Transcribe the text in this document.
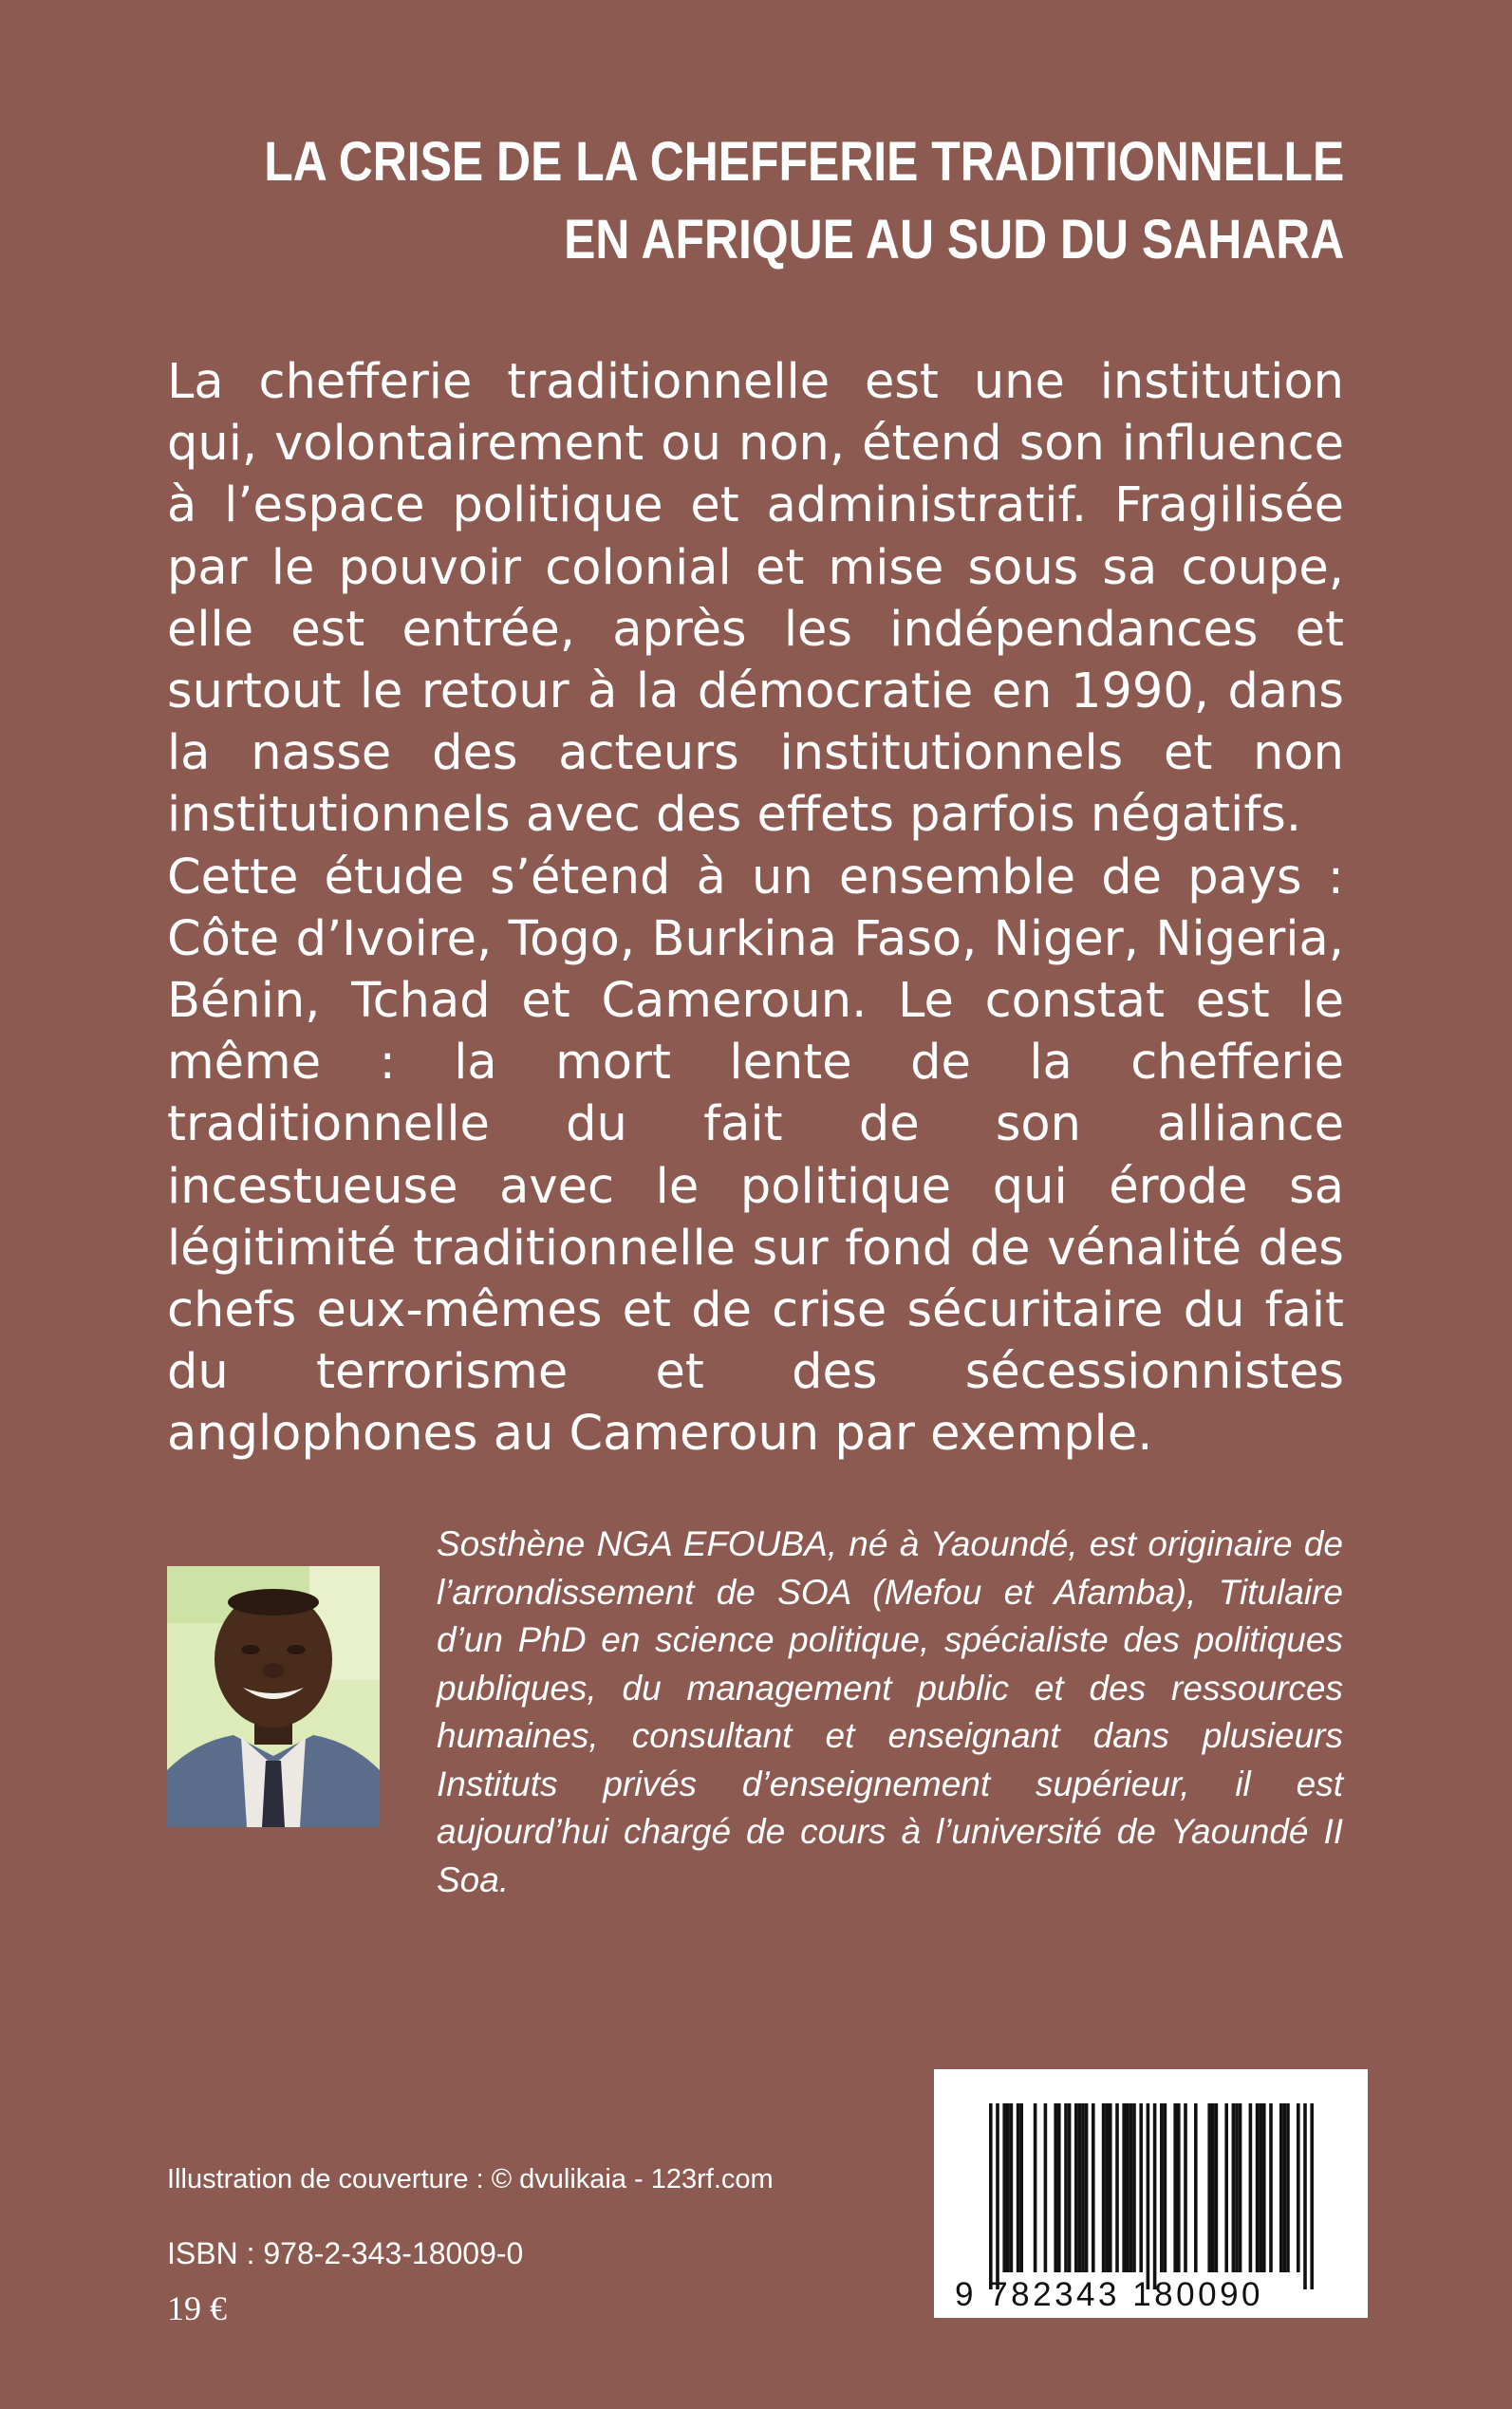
LA CRISE DE LA CHEFFERIE TRADITIONNELLE
EN AFRIQUE AU SUD DU SAHARA

La chefferie traditionnelle est une institution qui, volontairement ou non, étend son influence à l’espace politique et administratif. Fragilisée par le pouvoir colonial et mise sous sa coupe, elle est entrée, après les indépendances et surtout le retour à la démocratie en 1990, dans la nasse des acteurs institutionnels et non institutionnels avec des effets parfois négatifs.

Cette étude s’étend à un ensemble de pays : Côte d’Ivoire, Togo, Burkina Faso, Niger, Nigeria, Bénin, Tchad et Cameroun. Le constat est le même : la mort lente de la chefferie traditionnelle du fait de son alliance incestueuse avec le politique qui érode sa légitimité traditionnelle sur fond de vénalité des chefs eux-mêmes et de crise sécuritaire du fait du terrorisme et des sécessionnistes anglophones au Cameroun par exemple.

Sosthène NGA EFOUBA, né à Yaoundé, est originaire de l’arrondissement de SOA (Mefou et Afamba), Titulaire d’un PhD en science politique, spécialiste des politiques publiques, du management public et des ressources humaines, consultant et enseignant dans plusieurs Instituts privés d’enseignement supérieur, il est aujourd’hui chargé de cours à l’université de Yaoundé II Soa.
Illustration de couverture : © dvulikaia - 123rf.com
ISBN : 978-2-343-18009-0
19 €	9 782343 180090
